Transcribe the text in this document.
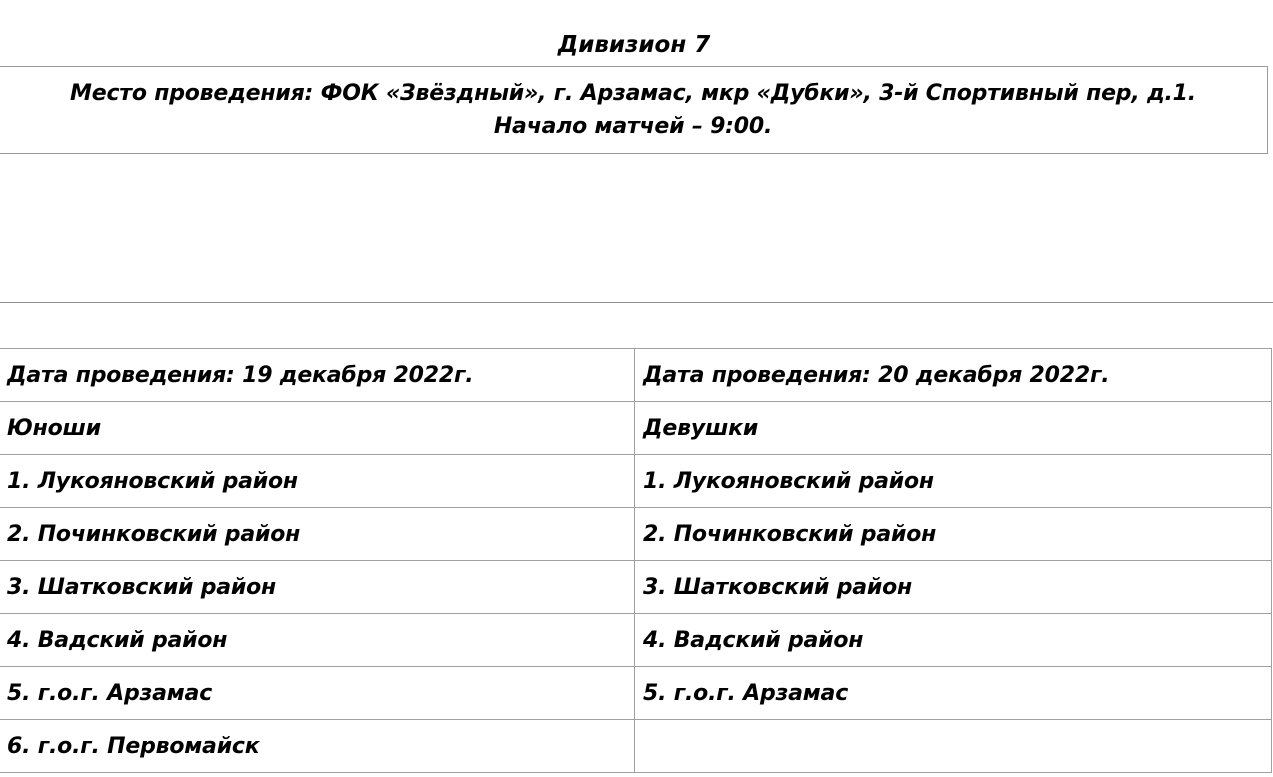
Дивизион 7
Место проведения: ФОК «Звёздный», г. Арзамас, мкр «Дубки», 3-й Спортивный пер, д.1.
Начало матчей – 9:00.
Дата проведения: 19 декабря 2022г.	Дата проведения: 20 декабря 2022г.
Юноши	Девушки
1. Лукояновский район	1. Лукояновский район
2. Починковский район	2. Починковский район
3. Шатковский район	3. Шатковский район
4. Вадский район	4. Вадский район
5. г.о.г. Арзамас	5. г.о.г. Арзамас
6. г.о.г. Первомайск	
